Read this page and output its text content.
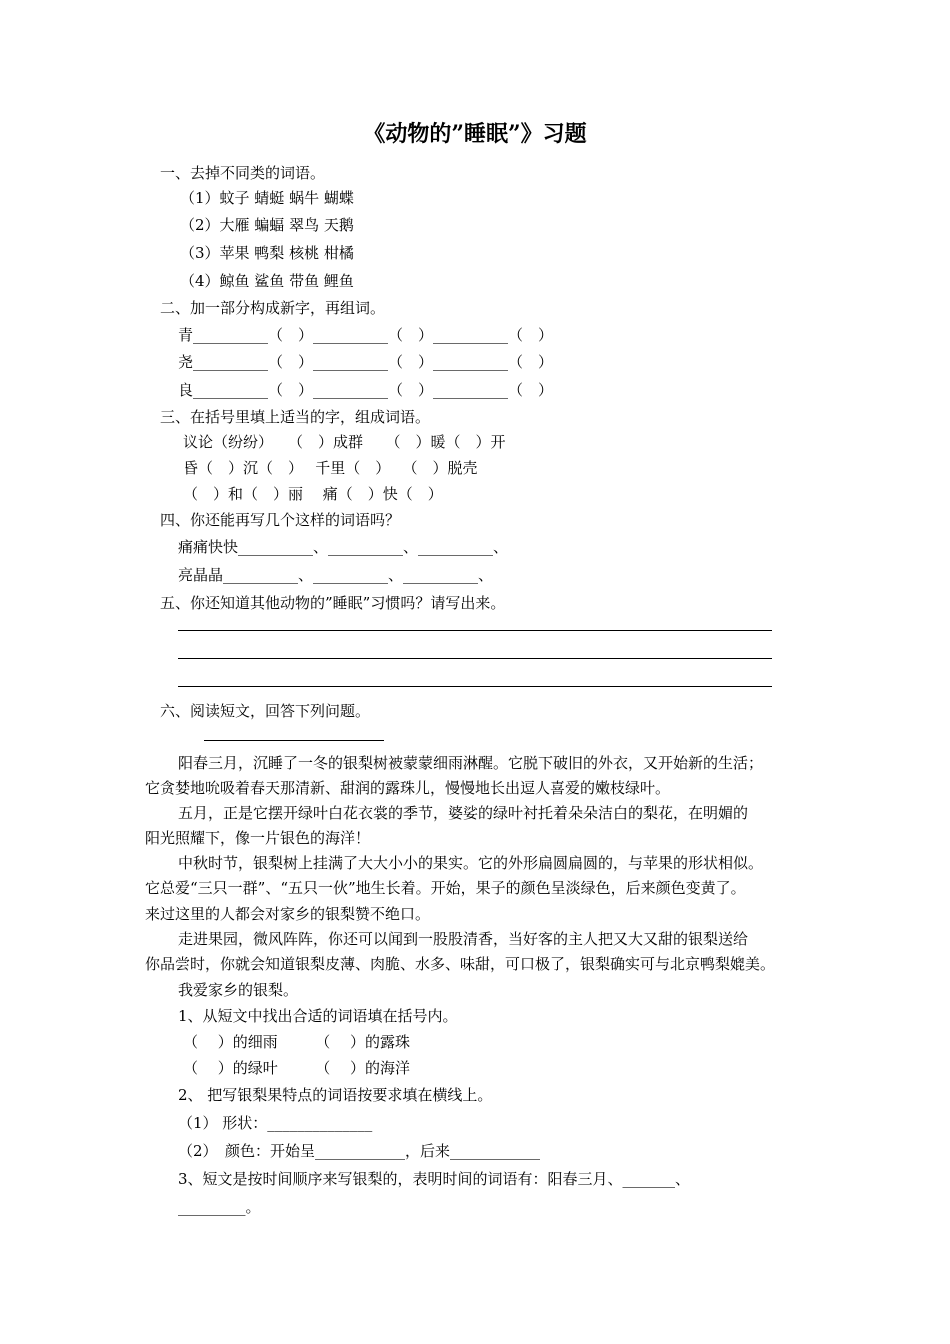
《动物的”睡眠”》习题
一、去掉不同类的词语。
（1）蚊子 蜻蜓 蜗牛 蝴蝶
（2）大雁 蝙蝠 翠鸟 天鹅
（3）苹果 鸭梨 核桃 柑橘
（4）鲸鱼 鲨鱼 带鱼 鲤鱼
二、加一部分构成新字，再组词。
青__________（　）__________（　）__________（　）
尧__________（　）__________（　）__________（　）
良__________（　）__________（　）__________（　）
三、在括号里填上适当的字，组成词语。
议论（纷纷）　　（　）成群　　（　）暖（　）开
昏（　）沉（　）　 千里（　）　 （　）脱壳
（　）和（　）丽　 痛（　）快（　）
四、你还能再写几个这样的词语吗？
痛痛快快__________、__________、__________、
亮晶晶__________、__________、__________、
五、你还知道其他动物的”睡眠”习惯吗？请写出来。
六、阅读短文，回答下列问题。
阳春三月，沉睡了一冬的银梨树被蒙蒙细雨淋醒。它脱下破旧的外衣，又开始新的生活；
它贪婪地吮吸着春天那清新、甜润的露珠儿，慢慢地长出逗人喜爱的嫩枝绿叶。
五月，正是它摆开绿叶白花衣裳的季节，婆娑的绿叶衬托着朵朵洁白的梨花，在明媚的
阳光照耀下，像一片银色的海洋！
中秋时节，银梨树上挂满了大大小小的果实。它的外形扁圆扁圆的，与苹果的形状相似。
它总爱“三只一群”、“五只一伙”地生长着。开始，果子的颜色呈淡绿色，后来颜色变黄了。
来过这里的人都会对家乡的银梨赞不绝口。
走进果园，微风阵阵，你还可以闻到一股股清香，当好客的主人把又大又甜的银梨送给
你品尝时，你就会知道银梨皮薄、肉脆、水多、味甜，可口极了，银梨确实可与北京鸭梨媲美。
我爱家乡的银梨。
1、从短文中找出合适的词语填在括号内。
（　 ）的细雨　　　（　 ）的露珠
（　 ）的绿叶　　　（　 ）的海洋
2、 把写银梨果特点的词语按要求填在横线上。
（1） 形状：______________
（2）　颜色：开始呈____________，后来____________
3、短文是按时间顺序来写银梨的，表明时间的词语有：阳春三月、_______、
_________。
